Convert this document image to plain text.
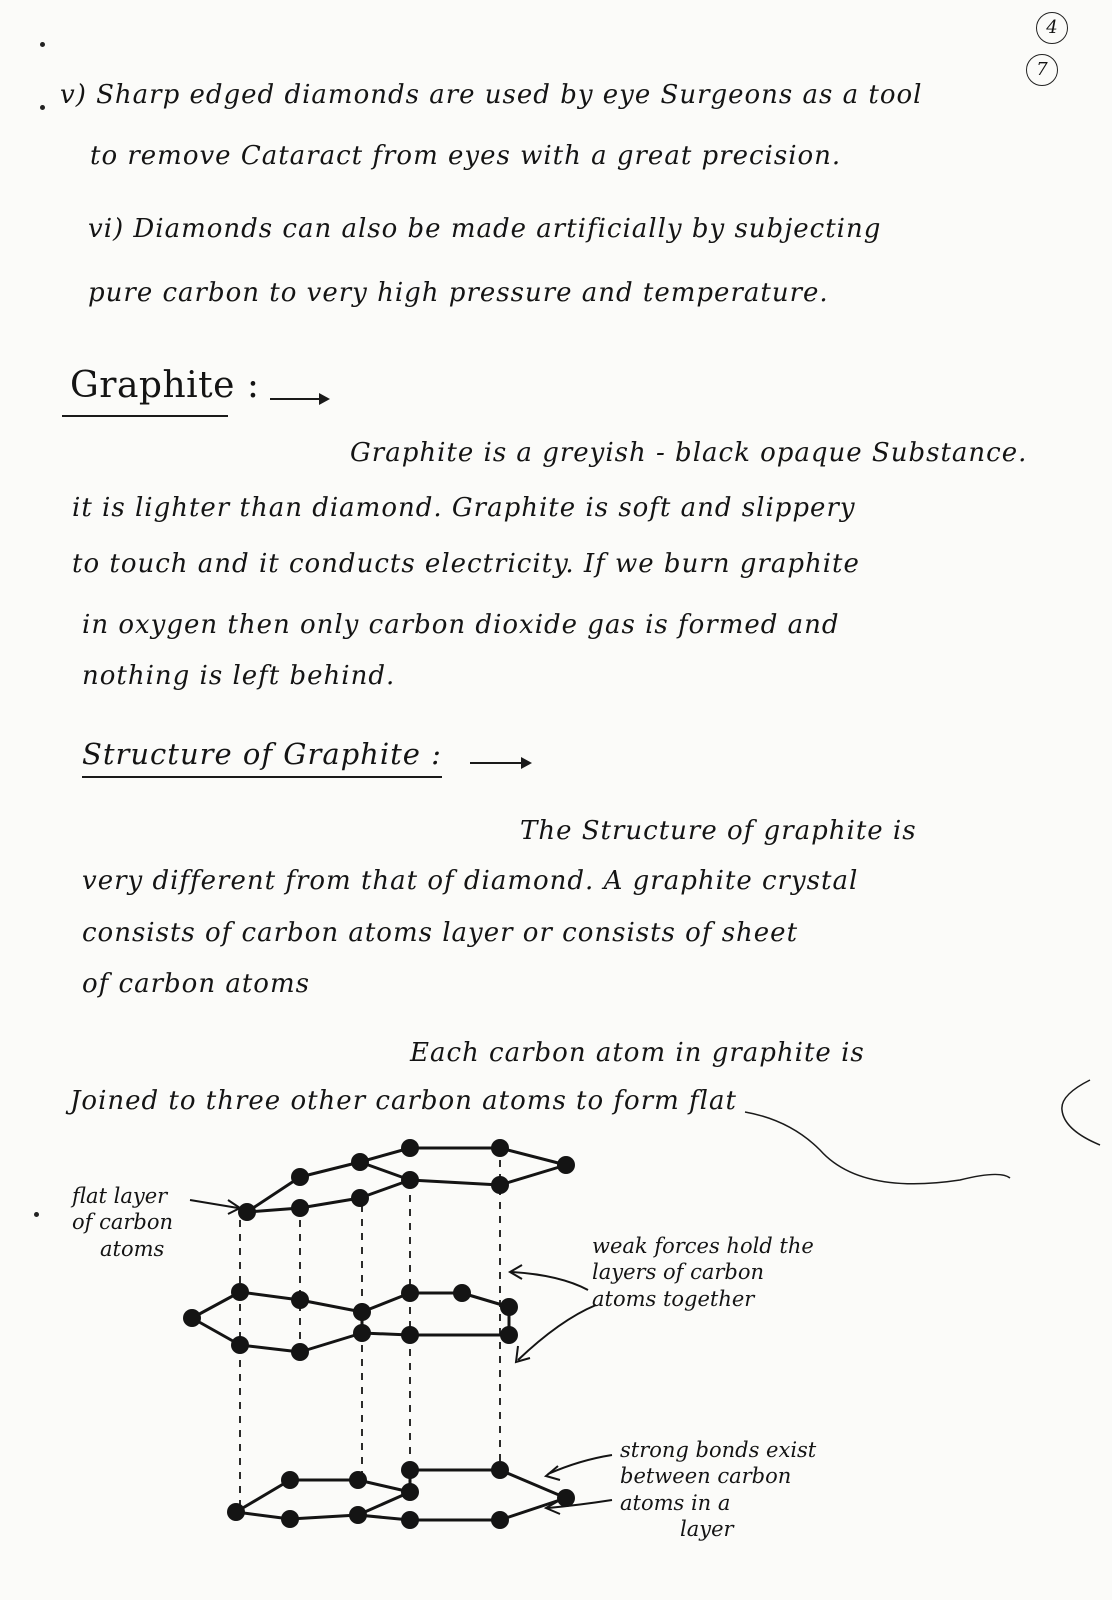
4
7
v) Sharp edged diamonds are used by eye Surgeons as a tool
to remove Cataract from eyes with a great precision.
vi) Diamonds can also be made artificially by subjecting
pure carbon to very high pressure and temperature.
Graphite :
Graphite is a greyish - black opaque Substance.
it is lighter than diamond. Graphite is soft and slippery
to touch and it conducts electricity. If we burn graphite
in oxygen then only carbon dioxide gas is formed and
nothing is left behind.
Structure of Graphite :
The Structure of graphite is
very different from that of diamond. A graphite crystal
consists of carbon atoms layer or consists of sheet
of carbon atoms
Each carbon atom in graphite is
Joined to three other carbon atoms to form flat
flat layer
of carbon
atoms	weak forces hold the
layers of carbon
atoms together
strong bonds exist
between carbon
atoms in a
layer
